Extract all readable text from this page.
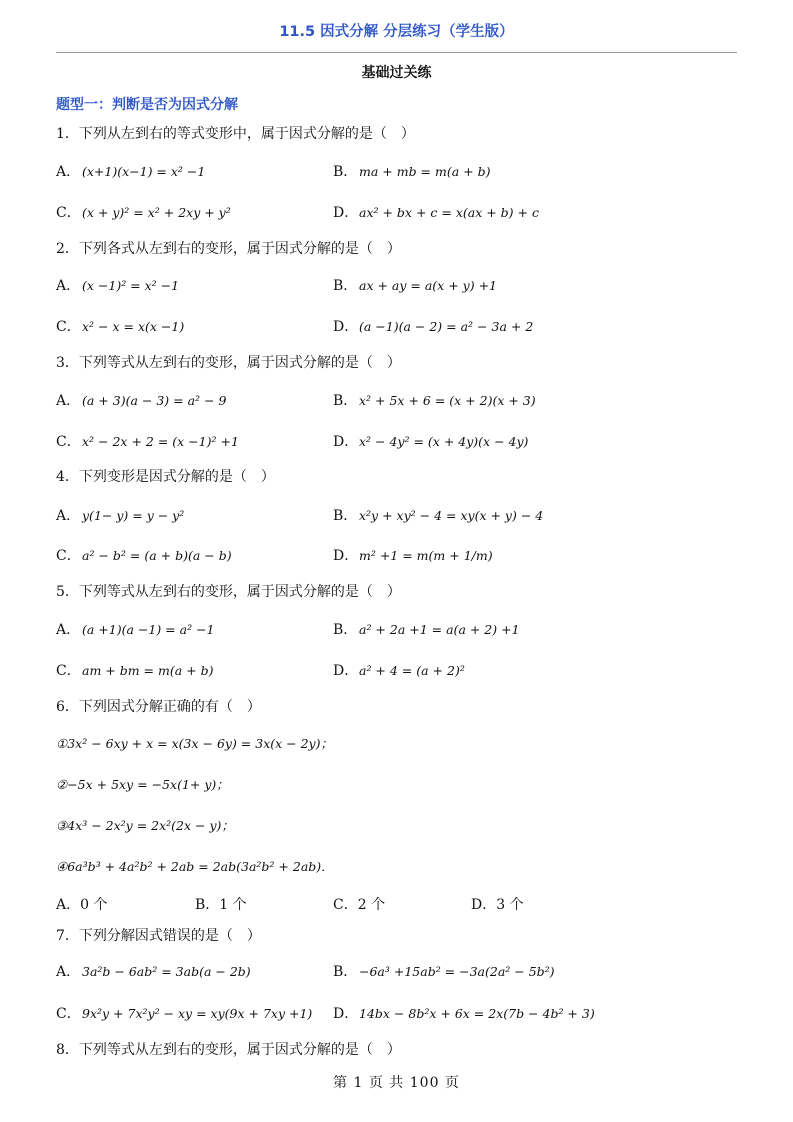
11.5 因式分解 分层练习（学生版）
基础过关练
题型一：判断是否为因式分解
1．下列从左到右的等式变形中，属于因式分解的是（　）
A． (x+1)(x−1) = x² −1	B． ma + mb = m(a + b)
C．(x + y)² = x² + 2xy + y²	D．ax² + bx + c = x(ax + b) + c
2．下列各式从左到右的变形，属于因式分解的是（　）
A． (x −1)² = x² −1	B． ax + ay = a(x + y) +1
C．x² − x = x(x −1)	D．(a −1)(a − 2) = a² − 3a + 2
3．下列等式从左到右的变形，属于因式分解的是（　）
A． (a + 3)(a − 3) = a² − 9	B． x² + 5x + 6 = (x + 2)(x + 3)
C．x² − 2x + 2 = (x −1)² +1	D．x² − 4y² = (x + 4y)(x − 4y)
4．下列变形是因式分解的是（　）
A． y(1− y) = y − y²	B． x²y + xy² − 4 = xy(x + y) − 4
C．a² − b² = (a + b)(a − b)	D．m² +1 = m(m + 1/m)
5．下列等式从左到右的变形，属于因式分解的是（　）
A． (a +1)(a −1) = a² −1	B． a² + 2a +1 = a(a + 2) +1
C．am + bm = m(a + b)	D．a² + 4 = (a + 2)²
6．下列因式分解正确的有（　）
①3x² − 6xy + x = x(3x − 6y) = 3x(x − 2y)；
②−5x + 5xy = −5x(1+ y)；
③4x³ − 2x²y = 2x²(2x − y)；
④6a³b³ + 4a²b² + 2ab = 2ab(3a²b² + 2ab)．
A．0 个	B．1 个	C．2 个	D．3 个
7．下列分解因式错误的是（　）
A． 3a²b − 6ab² = 3ab(a − 2b)	B． −6a³ +15ab² = −3a(2a² − 5b²)
C．9x²y + 7x²y² − xy = xy(9x + 7xy +1) D．14bx − 8b²x + 6x = 2x(7b − 4b² + 3)
8．下列等式从左到右的变形，属于因式分解的是（　）
第 1 页 共 100 页
